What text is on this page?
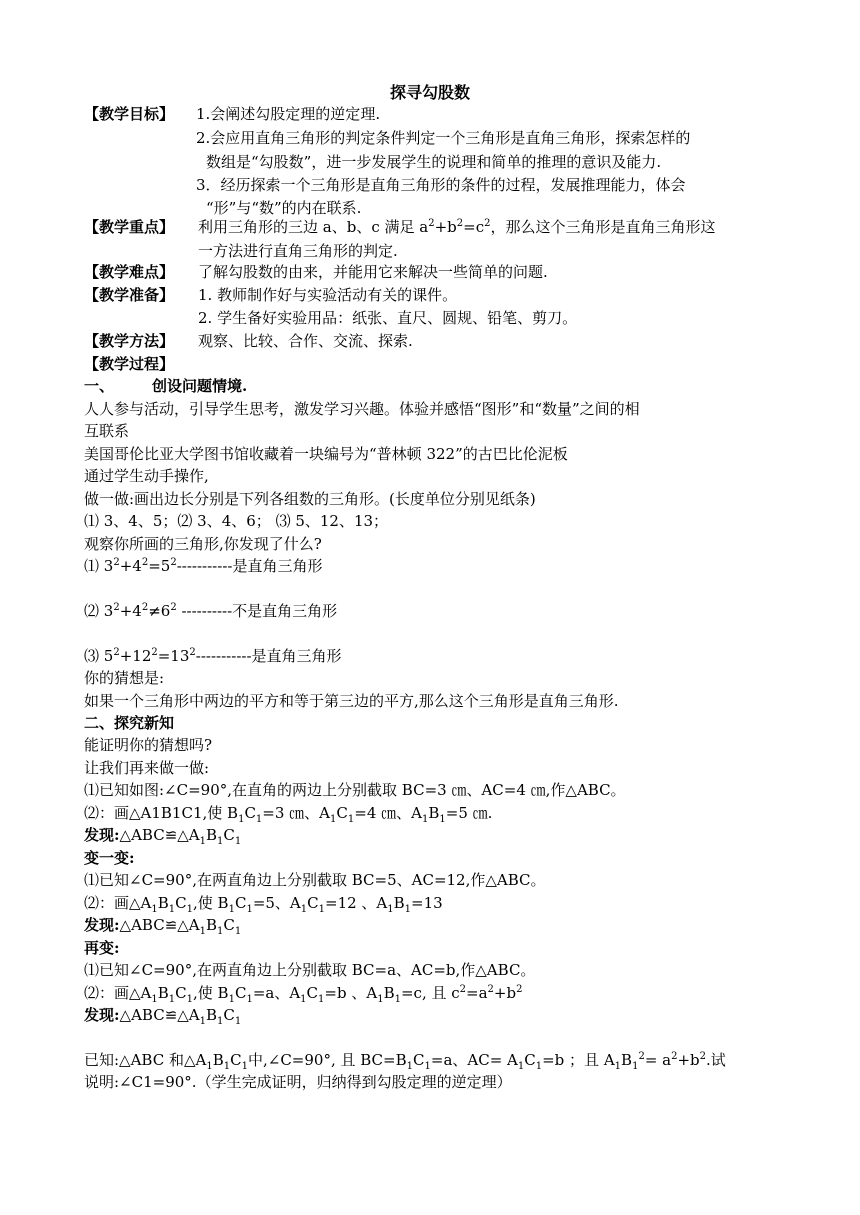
探寻勾股数
【教学目标】 1.会阐述勾股定理的逆定理.
2.会应用直角三角形的判定条件判定一个三角形是直角三角形，探索怎样的
数组是“勾股数”，进一步发展学生的说理和简单的推理的意识及能力.
3．经历探索一个三角形是直角三角形的条件的过程，发展推理能力，体会
“形”与“数”的内在联系.
【教学重点】 利用三角形的三边 a、b、c 满足 $a^2+b^2=c^2$，那么这个三角形是直角三角形这
一方法进行直角三角形的判定.
【教学难点】 了解勾股数的由来，并能用它来解决一些简单的问题.
【教学准备】 1. 教师制作好与实验活动有关的课件。
2. 学生备好实验用品：纸张、直尺、圆规、铅笔、剪刀。
【教学方法】 观察、比较、合作、交流、探索.
【教学过程】
一、	创设问题情境.
人人参与活动，引导学生思考，激发学习兴趣。体验并感悟“图形”和“数量”之间的相
互联系
美国哥伦比亚大学图书馆收藏着一块编号为“普林顿 322”的古巴比伦泥板
通过学生动手操作,
做一做:画出边长分别是下列各组数的三角形。(长度单位分别见纸条)
⑴ 3、4、5；⑵ 3、4、6； ⑶ 5、12、13；
观察你所画的三角形,你发现了什么?
⑴ $3^2+4^2=5^2-----------$是直角三角形
⑵ $3^2+4^2\ne 6^2$ ----------不是直角三角形
⑶ $5^2+12^2=13^2-----------$是直角三角形
你的猜想是:
如果一个三角形中两边的平方和等于第三边的平方,那么这个三角形是直角三角形.
二、探究新知
能证明你的猜想吗?
让我们再来做一做:
⑴已知如图:∠C=90°,在直角的两边上分别截取 BC=3 ㎝、AC=4 ㎝,作△ABC。
⑵：画△A1B1C1,使 $B_1C_1=3$ ㎝、$A_1C_1=4$ ㎝、$A_1B_1=5$ ㎝.
发现$:\triangle ABC≌\triangle A_1B_1C_1$
变一变:
⑴已知∠C=90°,在两直角边上分别截取 BC=5、AC=12,作△ABC。
⑵：画$\triangle A_1B_1C_1$,使 $B_1C_1=5$、$A_1C_1=12$ 、$A_1B_1=13$
发现$:\triangle ABC≌\triangle A_1B_1C_1$
再变:
⑴已知∠C=90°,在两直角边上分别截取 BC=a、AC=b,作△ABC。
⑵：画$\triangle A_1B_1C_1$,使 $B_1C_1=a$、$A_1C_1=b$ 、$A_1B_1=c$, 且 $c^2=a^2+b^2$
发现$:\triangle ABC≌\triangle A_1B_1C_1$
已知:△ABC 和$\triangle A_1B_1C_1$中,∠C=90°, 且 $BC=B_1C_1=a$、$AC= A_1C_1=b$ ；且 $A_1B_1^2= a^2+b^2$.试
说明:∠C1=90°.（学生完成证明，归纳得到勾股定理的逆定理）
